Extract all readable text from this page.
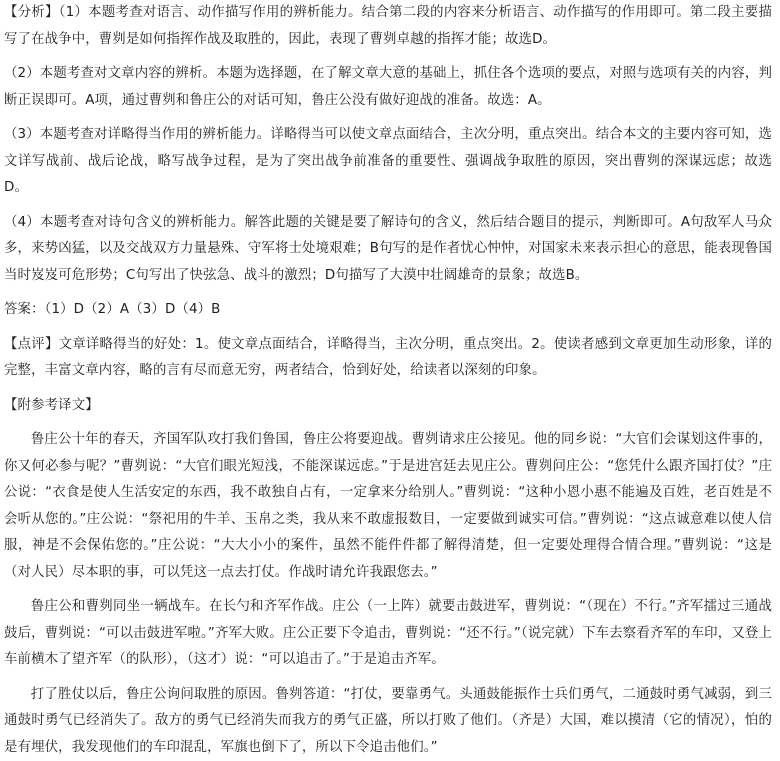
【分析】（1）本题考查对语言、动作描写作用的辨析能力。结合第二段的内容来分析语言、动作描写的作用即可。第二段主要描写了在战争中，曹刿是如何指挥作战及取胜的，因此，表现了曹刿卓越的指挥才能；故选D。

（2）本题考查对文章内容的辨析。本题为选择题，在了解文章大意的基础上，抓住各个选项的要点，对照与选项有关的内容，判断正误即可。A项，通过曹刿和鲁庄公的对话可知，鲁庄公没有做好迎战的准备。故选：A。

（3）本题考查对详略得当作用的辨析能力。详略得当可以使文章点面结合，主次分明，重点突出。结合本文的主要内容可知，选文详写战前、战后论战，略写战争过程，是为了突出战争前准备的重要性、强调战争取胜的原因，突出曹刿的深谋远虑；故选D。

（4）本题考查对诗句含义的辨析能力。解答此题的关键是要了解诗句的含义，然后结合题目的提示，判断即可。A句敌军人马众多，来势凶猛，以及交战双方力量悬殊、守军将士处境艰难；B句写的是作者忧心忡忡，对国家未来表示担心的意思，能表现鲁国当时岌岌可危形势；C句写出了快弦急、战斗的激烈；D句描写了大漠中壮阔雄奇的景象；故选B。

答案：（1）D（2）A（3）D（4）B

【点评】文章详略得当的好处：1。使文章点面结合，详略得当，主次分明，重点突出。2。使读者感到文章更加生动形象，详的完整，丰富文章内容，略的言有尽而意无穷，两者结合，恰到好处，给读者以深刻的印象。

【附参考译文】

鲁庄公十年的春天，齐国军队攻打我们鲁国，鲁庄公将要迎战。曹刿请求庄公接见。他的同乡说：“大官们会谋划这件事的，你又何必参与呢？”曹刿说：“大官们眼光短浅，不能深谋远虑。”于是进宫廷去见庄公。曹刿问庄公：“您凭什么跟齐国打仗？”庄公说：“衣食是使人生活安定的东西，我不敢独自占有，一定拿来分给别人。”曹刿说：“这种小恩小惠不能遍及百姓，老百姓是不会听从您的。”庄公说：“祭祀用的牛羊、玉帛之类，我从来不敢虚报数目，一定要做到诚实可信。”曹刿说：“这点诚意难以使人信服，神是不会保佑您的。”庄公说：“大大小小的案件，虽然不能件件都了解得清楚，但一定要处理得合情合理。”曹刿说：“这是（对人民）尽本职的事，可以凭这一点去打仗。作战时请允许我跟您去。”

鲁庄公和曹刿同坐一辆战车。在长勺和齐军作战。庄公（一上阵）就要击鼓进军，曹刿说：“（现在）不行。”齐军擂过三通战鼓后，曹刿说：“可以击鼓进军啦。”齐军大败。庄公正要下令追击，曹刿说：“还不行。”（说完就）下车去察看齐军的车印，又登上车前横木了望齐军（的队形），（这才）说：“可以追击了。”于是追击齐军。

打了胜仗以后，鲁庄公询问取胜的原因。鲁刿答道：“打仗，要靠勇气。头通鼓能振作士兵们勇气，二通鼓时勇气减弱，到三通鼓时勇气已经消失了。敌方的勇气已经消失而我方的勇气正盛，所以打败了他们。（齐是）大国，难以摸清（它的情况），怕的是有埋伏，我发现他们的车印混乱，军旗也倒下了，所以下令追击他们。”
